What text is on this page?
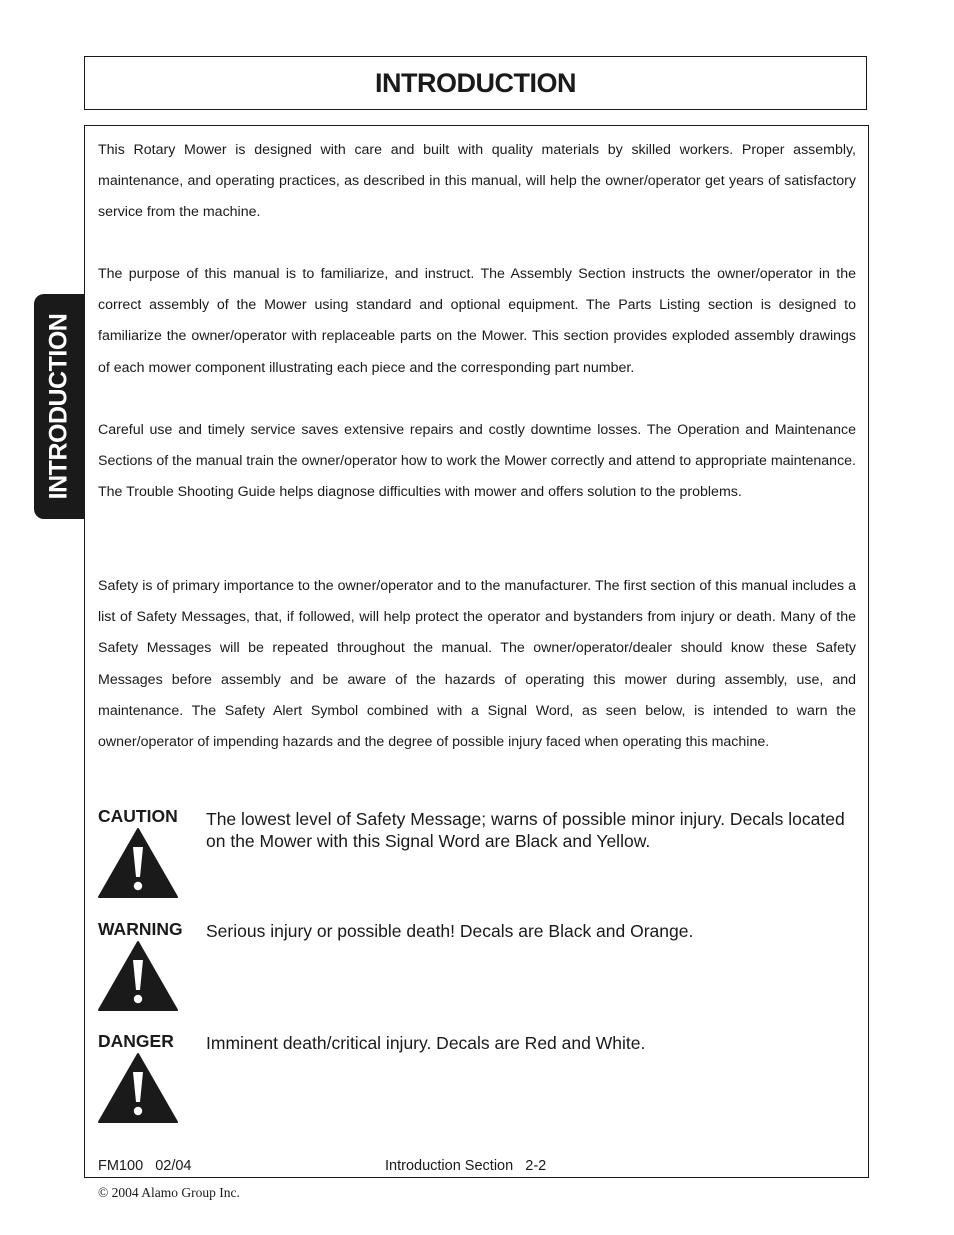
INTRODUCTION
INTRODUCTION

This Rotary Mower is designed with care and built with quality materials by skilled workers. Proper assembly, maintenance, and operating practices, as described in this manual, will help the owner/operator get years of satisfactory service from the machine.

The purpose of this manual is to familiarize, and instruct. The Assembly Section instructs the owner/operator in the correct assembly of the Mower using standard and optional equipment. The Parts Listing section is designed to familiarize the owner/operator with replaceable parts on the Mower. This section provides exploded assembly drawings of each mower component illustrating each piece and the corresponding part number.

Careful use and timely service saves extensive repairs and costly downtime losses. The Operation and Maintenance Sections of the manual train the owner/operator how to work the Mower correctly and attend to appropriate maintenance. The Trouble Shooting Guide helps diagnose difficulties with mower and offers solution to the problems.

Safety is of primary importance to the owner/operator and to the manufacturer. The first section of this manual includes a list of Safety Messages, that, if followed, will help protect the operator and bystanders from injury or death. Many of the Safety Messages will be repeated throughout the manual. The owner/operator/dealer should know these Safety Messages before assembly and be aware of the hazards of operating this mower during assembly, use, and maintenance. The Safety Alert Symbol combined with a Signal Word, as seen below, is intended to warn the owner/operator of impending hazards and the degree of possible injury faced when operating this machine.

CAUTION The lowest level of Safety Message; warns of possible minor injury. Decals located on the Mower with this Signal Word are Black and Yellow.
WARNING Serious injury or possible death! Decals are Black and Orange.
DANGER Imminent death/critical injury. Decals are Red and White.
FM100   02/04	Introduction Section   2-2
© 2004 Alamo Group Inc.
